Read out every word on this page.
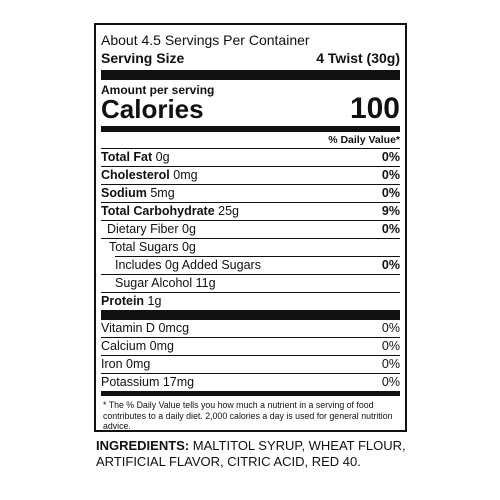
About 4.5 Servings Per Container
Serving Size	4 Twist (30g)
Amount per serving
Calories	100
% Daily Value*
Total Fat 0g	0%
Cholesterol 0mg	0%
Sodium 5mg	0%
Total Carbohydrate 25g	9%
Dietary Fiber 0g	0%
Total Sugars 0g
Includes 0g Added Sugars	0%
Sugar Alcohol 11g
Protein 1g
Vitamin D 0mcg	0%
Calcium 0mg	0%
Iron 0mg	0%
Potassium 17mg	0%
* The % Daily Value tells you how much a nutrient in a serving of food contributes to a daily diet. 2,000 calories a day is used for general nutrition advice.
INGREDIENTS: MALTITOL SYRUP, WHEAT FLOUR, ARTIFICIAL FLAVOR, CITRIC ACID, RED 40.
